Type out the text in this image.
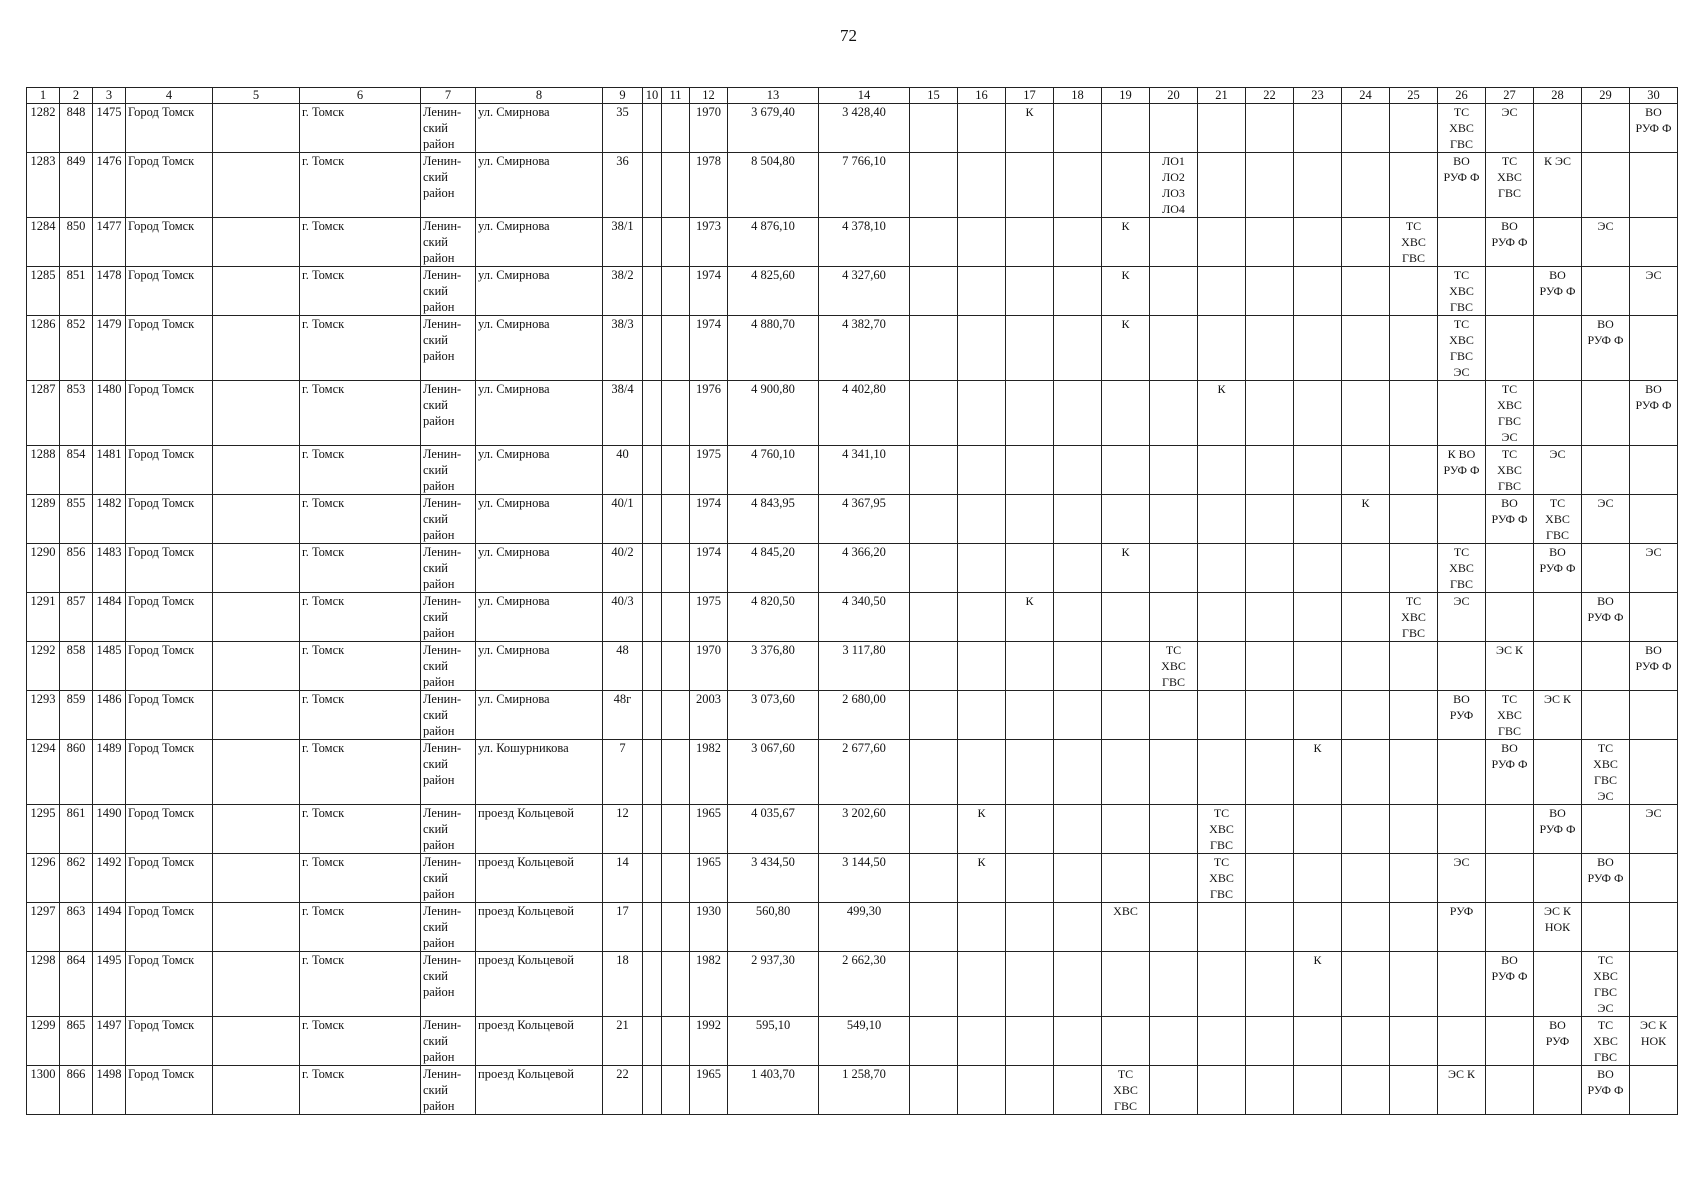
72
1	2	3	4	5	6	7	8	9	10	11	12	13	14	15	16	17	18	19	20	21	22	23	24	25	26	27	28	29	30
1282	848	1475	Город Томск		г. Томск	Ленин-
ский
район	ул. Смирнова	35			1970	3 679,40	3 428,40			К									ТС
ХВС
ГВС	ЭС			ВО
РУФ Ф
1283	849	1476	Город Томск		г. Томск	Ленин-
ский
район	ул. Смирнова	36			1978	8 504,80	7 766,10						ЛО1
ЛО2
ЛО3
ЛО4						ВО
РУФ Ф	ТС
ХВС
ГВС	К ЭС		
1284	850	1477	Город Томск		г. Томск	Ленин-
ский
район	ул. Смирнова	38/1			1973	4 876,10	4 378,10					К						ТС
ХВС
ГВС		ВО
РУФ Ф		ЭС	
1285	851	1478	Город Томск		г. Томск	Ленин-
ский
район	ул. Смирнова	38/2			1974	4 825,60	4 327,60					К							ТС
ХВС
ГВС		ВО
РУФ Ф		ЭС
1286	852	1479	Город Томск		г. Томск	Ленин-
ский
район	ул. Смирнова	38/3			1974	4 880,70	4 382,70					К							ТС
ХВС
ГВС
ЭС			ВО
РУФ Ф	
1287	853	1480	Город Томск		г. Томск	Ленин-
ский
район	ул. Смирнова	38/4			1976	4 900,80	4 402,80							К						ТС
ХВС
ГВС
ЭС			ВО
РУФ Ф
1288	854	1481	Город Томск		г. Томск	Ленин-
ский
район	ул. Смирнова	40			1975	4 760,10	4 341,10												К ВО
РУФ Ф	ТС
ХВС
ГВС	ЭС		
1289	855	1482	Город Томск		г. Томск	Ленин-
ский
район	ул. Смирнова	40/1			1974	4 843,95	4 367,95										К			ВО
РУФ Ф	ТС
ХВС
ГВС	ЭС	
1290	856	1483	Город Томск		г. Томск	Ленин-
ский
район	ул. Смирнова	40/2			1974	4 845,20	4 366,20					К							ТС
ХВС
ГВС		ВО
РУФ Ф		ЭС
1291	857	1484	Город Томск		г. Томск	Ленин-
ский
район	ул. Смирнова	40/3			1975	4 820,50	4 340,50			К								ТС
ХВС
ГВС	ЭС			ВО
РУФ Ф	
1292	858	1485	Город Томск		г. Томск	Ленин-
ский
район	ул. Смирнова	48			1970	3 376,80	3 117,80						ТС
ХВС
ГВС							ЭС К			ВО
РУФ Ф
1293	859	1486	Город Томск		г. Томск	Ленин-
ский
район	ул. Смирнова	48г			2003	3 073,60	2 680,00												ВО
РУФ	ТС
ХВС
ГВС	ЭС К		
1294	860	1489	Город Томск		г. Томск	Ленин-
ский
район	ул. Кошурникова	7			1982	3 067,60	2 677,60									К				ВО
РУФ Ф		ТС
ХВС
ГВС
ЭС	
1295	861	1490	Город Томск		г. Томск	Ленин-
ский
район	проезд Кольцевой	12			1965	4 035,67	3 202,60		К					ТС
ХВС
ГВС							ВО
РУФ Ф		ЭС
1296	862	1492	Город Томск		г. Томск	Ленин-
ский
район	проезд Кольцевой	14			1965	3 434,50	3 144,50		К					ТС
ХВС
ГВС					ЭС			ВО
РУФ Ф	
1297	863	1494	Город Томск		г. Томск	Ленин-
ский
район	проезд Кольцевой	17			1930	560,80	499,30					ХВС							РУФ		ЭС К
НОК		
1298	864	1495	Город Томск		г. Томск	Ленин-
ский
район	проезд Кольцевой	18			1982	2 937,30	2 662,30									К				ВО
РУФ Ф		ТС
ХВС
ГВС
ЭС	
1299	865	1497	Город Томск		г. Томск	Ленин-
ский
район	проезд Кольцевой	21			1992	595,10	549,10														ВО
РУФ	ТС
ХВС
ГВС	ЭС К
НОК
1300	866	1498	Город Томск		г. Томск	Ленин-
ский
район	проезд Кольцевой	22			1965	1 403,70	1 258,70					ТС
ХВС
ГВС							ЭС К			ВО
РУФ Ф	
